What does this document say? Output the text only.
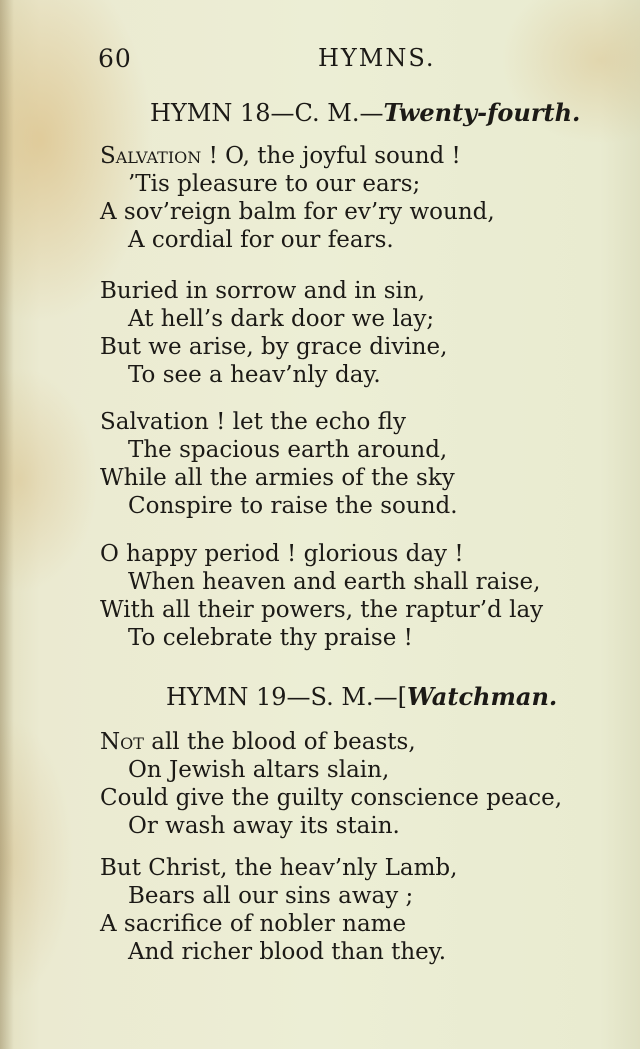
60	HYMNS.
HYMN 18—C. M.—Twenty-fourth.
Salvation ! O, the joyful sound !
’Tis pleasure to our ears;
A sov’reign balm for ev’ry wound,
A cordial for our fears.
Buried in sorrow and in sin,
At hell’s dark door we lay;
But we arise, by grace divine,
To see a heav’nly day.
Salvation ! let the echo fly
The spacious earth around,
While all the armies of the sky
Conspire to raise the sound.
O happy period ! glorious day !
When heaven and earth shall raise,
With all their powers, the raptur’d lay
To celebrate thy praise !
HYMN 19—S. M.—[Watchman.
Not all the blood of beasts,
On Jewish altars slain,
Could give the guilty conscience peace,
Or wash away its stain.
But Christ, the heav’nly Lamb,
Bears all our sins away ;
A sacrifice of nobler name
And richer blood than they.
